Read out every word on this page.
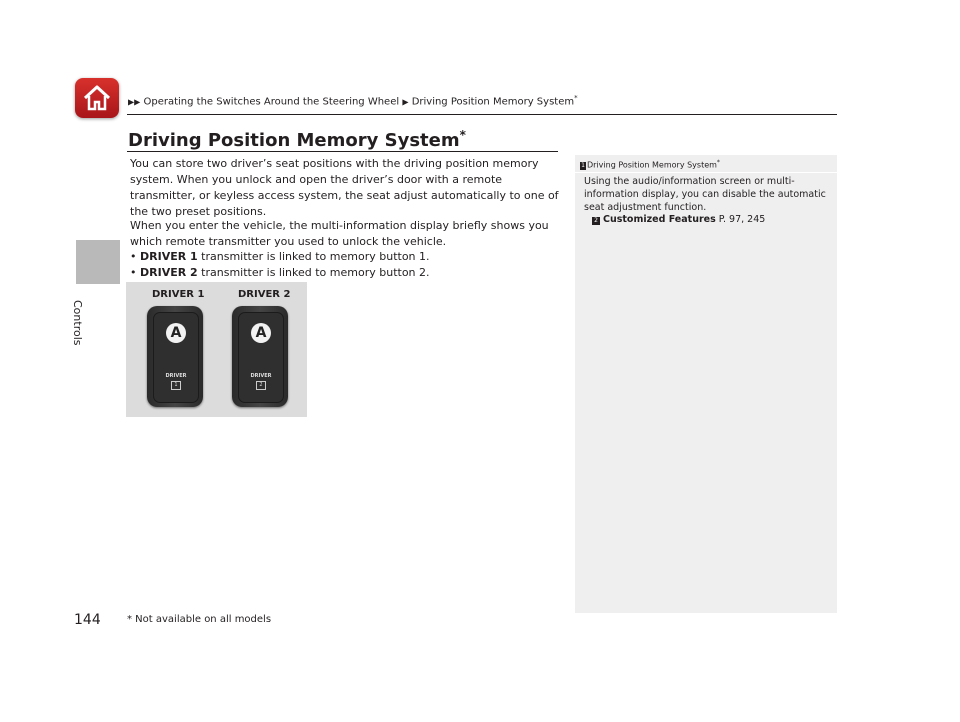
▶▶ Operating the Switches Around the Steering Wheel ▶ Driving Position Memory System*
Controls
Driving Position Memory System*
You can store two driver’s seat positions with the driving position memory system. When you unlock and open the driver’s door with a remote transmitter, or keyless access system, the seat adjust automatically to one of the two preset positions.
When you enter the vehicle, the multi-information display briefly shows you which remote transmitter you used to unlock the vehicle.
• DRIVER 1 transmitter is linked to memory button 1.
• DRIVER 2 transmitter is linked to memory button 2.
DRIVER 1	DRIVER 2
A
DRIVER
1
A
DRIVER
2
1 Driving Position Memory System*
Using the audio/information screen or multi-information display, you can disable the automatic seat adjustment function.
2 Customized Features P. 97, 245
144	* Not available on all models
